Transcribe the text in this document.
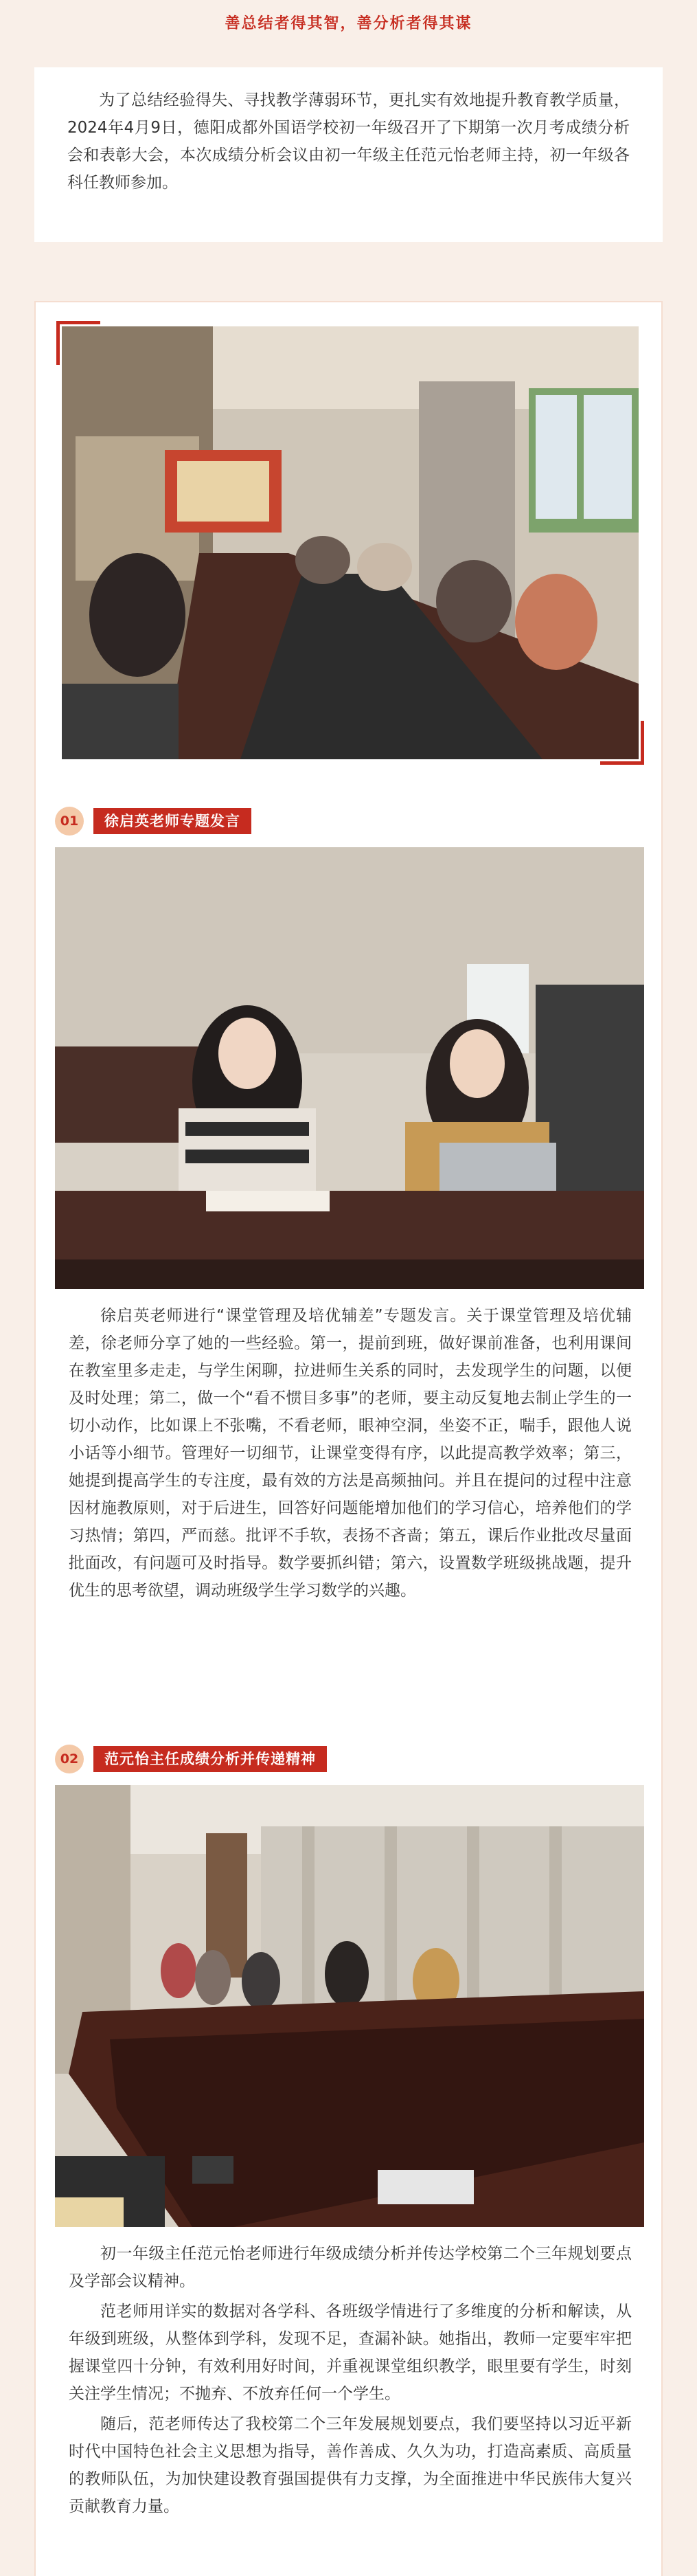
善总结者得其智，善分析者得其谋

为了总结经验得失、寻找教学薄弱环节，更扎实有效地提升教育教学质量，2024年4月9日，德阳成都外国语学校初一年级召开了下期第一次月考成绩分析会和表彰大会，本次成绩分析会议由初一年级主任范元怡老师主持，初一年级各科任教师参加。

01	徐启英老师专题发言

徐启英老师进行“课堂管理及培优辅差”专题发言。关于课堂管理及培优辅差，徐老师分享了她的一些经验。第一，提前到班，做好课前准备，也利用课间在教室里多走走，与学生闲聊，拉进师生关系的同时，去发现学生的问题，以便及时处理；第二，做一个“看不惯目多事”的老师，要主动反复地去制止学生的一切小动作，比如课上不张嘴，不看老师，眼神空洞，坐姿不正，喘手，跟他人说小话等小细节。管理好一切细节，让课堂变得有序，以此提高教学效率；第三，她提到提高学生的专注度，最有效的方法是高频抽问。并且在提问的过程中注意因材施教原则，对于后进生，回答好问题能增加他们的学习信心，培养他们的学习热情；第四，严而慈。批评不手软，表扬不吝啬；第五，课后作业批改尽量面批面改，有问题可及时指导。数学要抓纠错；第六，设置数学班级挑战题，提升优生的思考欲望，调动班级学生学习数学的兴趣。

02	范元怡主任成绩分析并传递精神

初一年级主任范元怡老师进行年级成绩分析并传达学校第二个三年规划要点及学部会议精神。

范老师用详实的数据对各学科、各班级学情进行了多维度的分析和解读，从年级到班级，从整体到学科，发现不足，查漏补缺。她指出，教师一定要牢牢把握课堂四十分钟，有效利用好时间，并重视课堂组织教学，眼里要有学生，时刻关注学生情况；不抛弃、不放弃任何一个学生。

随后，范老师传达了我校第二个三年发展规划要点，我们要坚持以习近平新时代中国特色社会主义思想为指导，善作善成、久久为功，打造高素质、高质量的教师队伍，为加快建设教育强国提供有力支撑，为全面推进中华民族伟大复兴贡献教育力量。
